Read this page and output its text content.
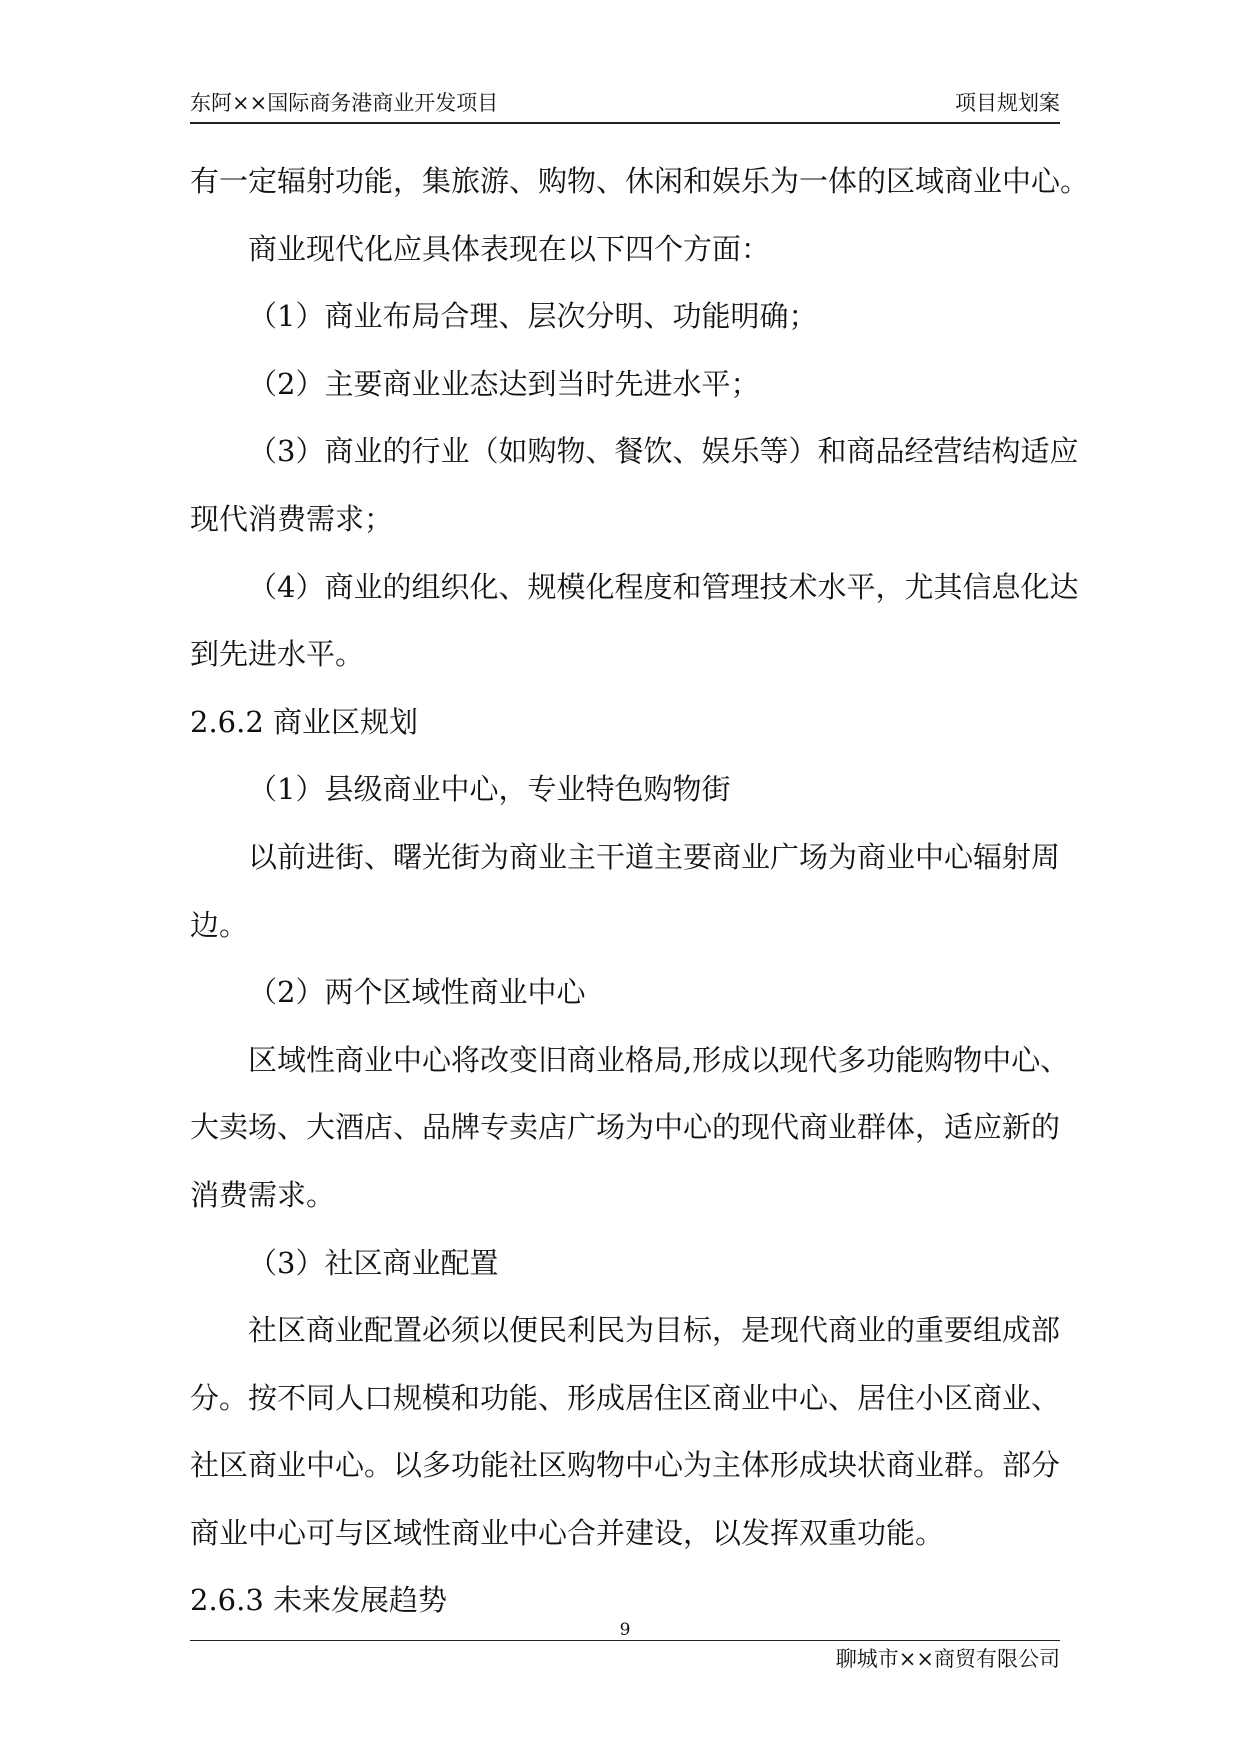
东阿××国际商务港商业开发项目	项目规划案
有一定辐射功能，集旅游、购物、休闲和娱乐为一体的区域商业中心。
商业现代化应具体表现在以下四个方面：
（1）商业布局合理、层次分明、功能明确；
（2）主要商业业态达到当时先进水平；
（3）商业的行业（如购物、餐饮、娱乐等）和商品经营结构适应
现代消费需求；
（4）商业的组织化、规模化程度和管理技术水平，尤其信息化达
到先进水平。
2.6.2 商业区规划
（1）县级商业中心，专业特色购物街
以前进街、曙光街为商业主干道主要商业广场为商业中心辐射周
边。
（2）两个区域性商业中心
区域性商业中心将改变旧商业格局,形成以现代多功能购物中心、
大卖场、大酒店、品牌专卖店广场为中心的现代商业群体，适应新的
消费需求。
（3）社区商业配置
社区商业配置必须以便民利民为目标，是现代商业的重要组成部
分。按不同人口规模和功能、形成居住区商业中心、居住小区商业、
社区商业中心。以多功能社区购物中心为主体形成块状商业群。部分
商业中心可与区域性商业中心合并建设，以发挥双重功能。
2.6.3 未来发展趋势
9
聊城市××商贸有限公司
